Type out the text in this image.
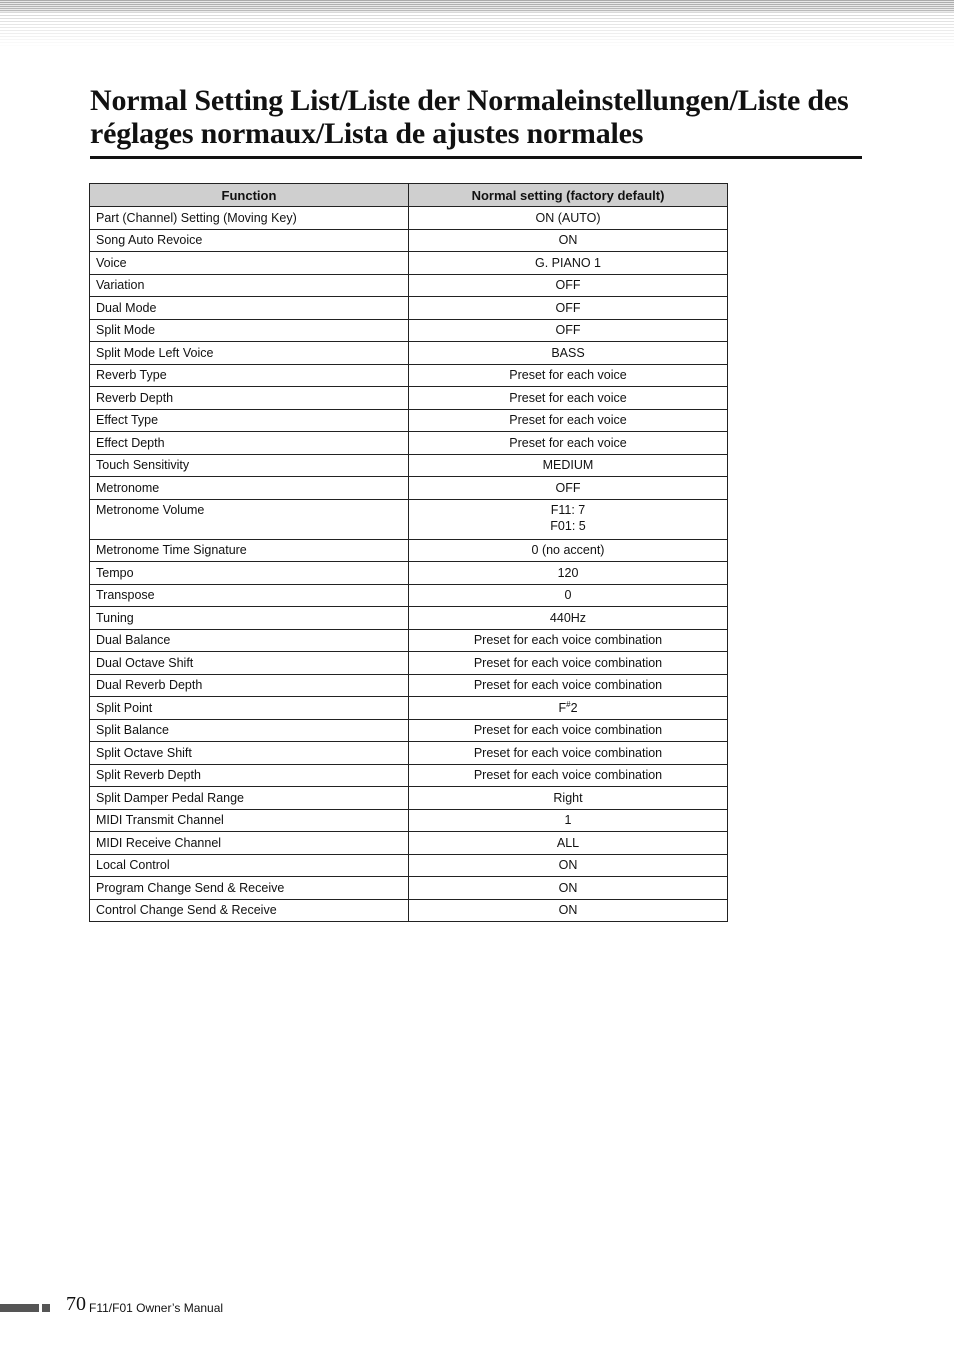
Normal Setting List/Liste der Normaleinstellungen/Liste des réglages normaux/Lista de ajustes normales
Function	Normal setting (factory default)
Part (Channel) Setting (Moving Key)	ON (AUTO)
Song Auto Revoice	ON
Voice	G. PIANO 1
Variation	OFF
Dual Mode	OFF
Split Mode	OFF
Split Mode Left Voice	BASS
Reverb Type	Preset for each voice
Reverb Depth	Preset for each voice
Effect Type	Preset for each voice
Effect Depth	Preset for each voice
Touch Sensitivity	MEDIUM
Metronome	OFF
Metronome Volume	F11: 7
F01: 5

Metronome Time Signature	0 (no accent)
Tempo	120
Transpose	0
Tuning	440Hz
Dual Balance	Preset for each voice combination
Dual Octave Shift	Preset for each voice combination
Dual Reverb Depth	Preset for each voice combination
Split Point	F#2
Split Balance	Preset for each voice combination
Split Octave Shift	Preset for each voice combination
Split Reverb Depth	Preset for each voice combination
Split Damper Pedal Range	Right
MIDI Transmit Channel	1
MIDI Receive Channel	ALL
Local Control	ON
Program Change Send & Receive	ON
Control Change Send & Receive	ON
70 F11/F01 Owner’s Manual
